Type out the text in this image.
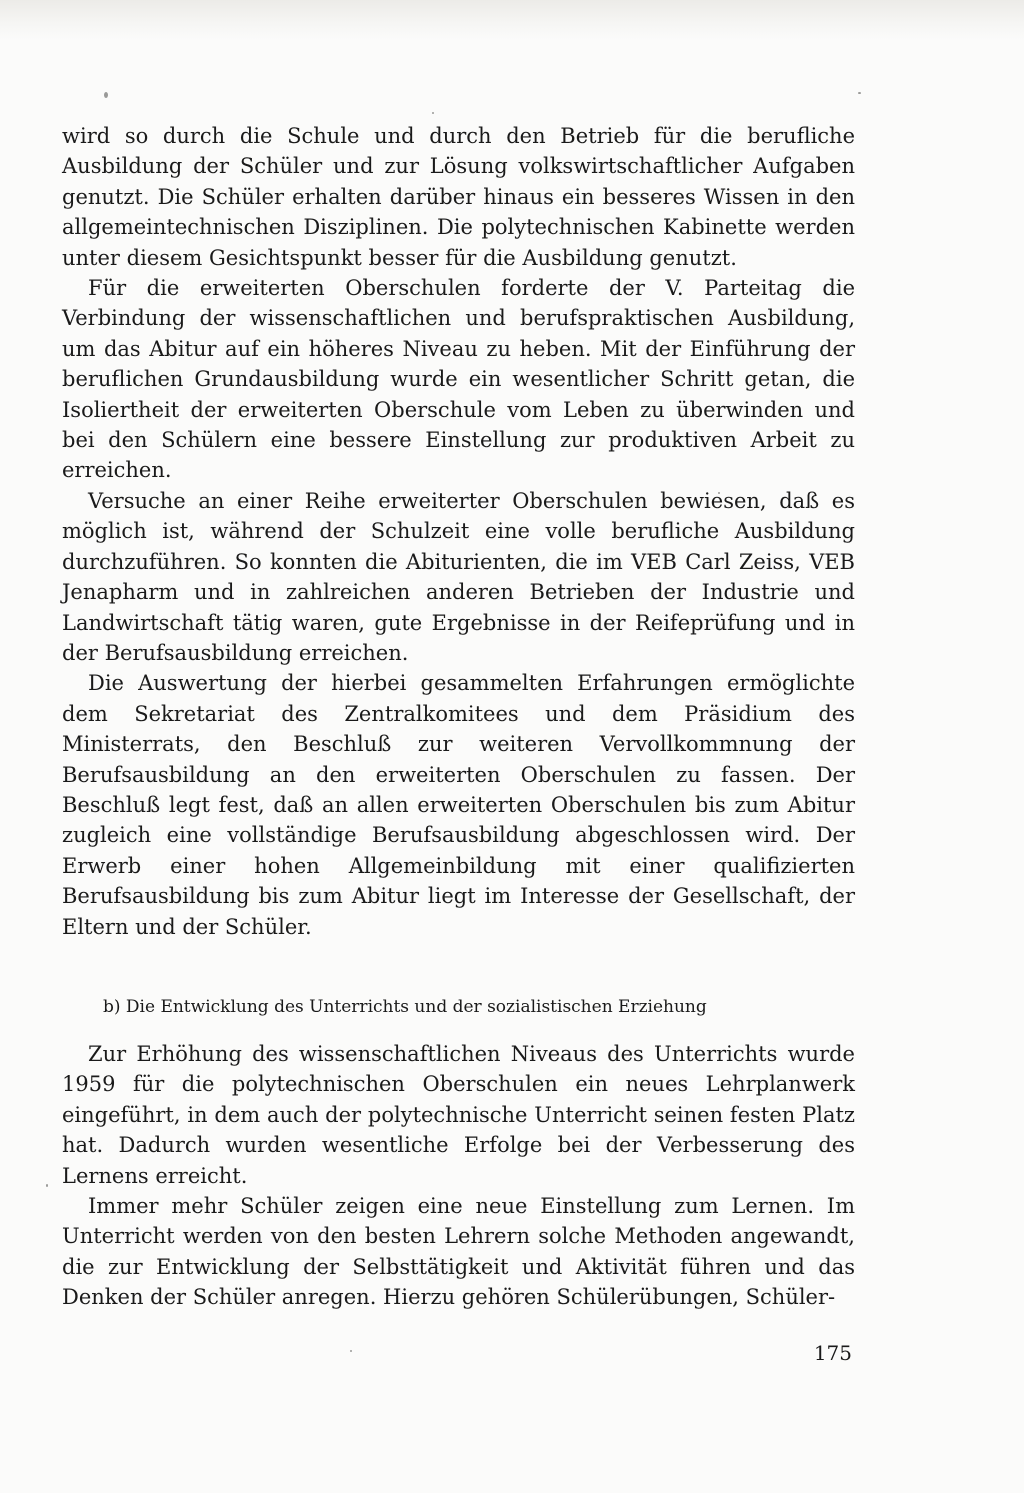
wird so durch die Schule und durch den Betrieb für die berufliche Ausbildung der Schüler und zur Lösung volkswirtschaftlicher Aufgaben genutzt. Die Schüler erhalten darüber hinaus ein besseres Wissen in den allgemeintechnischen Disziplinen. Die polytechnischen Kabinette werden unter diesem Gesichtspunkt besser für die Ausbildung genutzt.

Für die erweiterten Oberschulen forderte der V. Parteitag die Verbindung der wissenschaftlichen und berufspraktischen Ausbildung, um das Abitur auf ein höheres Niveau zu heben. Mit der Einführung der beruflichen Grundausbildung wurde ein wesentlicher Schritt getan, die Isoliertheit der erweiterten Oberschule vom Leben zu überwinden und bei den Schülern eine bessere Einstellung zur produktiven Arbeit zu erreichen.

Versuche an einer Reihe erweiterter Oberschulen bewiesen, daß es möglich ist, während der Schulzeit eine volle berufliche Ausbildung durchzuführen. So konnten die Abiturienten, die im VEB Carl Zeiss, VEB Jenapharm und in zahlreichen anderen Betrieben der Industrie und Landwirtschaft tätig waren, gute Ergebnisse in der Reifeprüfung und in der Berufsausbildung erreichen.

Die Auswertung der hierbei gesammelten Erfahrungen ermöglichte dem Sekretariat des Zentralkomitees und dem Präsidium des Ministerrats, den Beschluß zur weiteren Vervollkommnung der Berufsausbildung an den erweiterten Oberschulen zu fassen. Der Beschluß legt fest, daß an allen erweiterten Oberschulen bis zum Abitur zugleich eine vollständige Berufsausbildung abgeschlossen wird. Der Erwerb einer hohen Allgemeinbildung mit einer qualifizierten Berufsausbildung bis zum Abitur liegt im Interesse der Gesellschaft, der Eltern und der Schüler.

b) Die Entwicklung des Unterrichts und der sozialistischen Erziehung

Zur Erhöhung des wissenschaftlichen Niveaus des Unterrichts wurde 1959 für die polytechnischen Oberschulen ein neues Lehrplanwerk eingeführt, in dem auch der polytechnische Unterricht seinen festen Platz hat. Dadurch wurden wesentliche Erfolge bei der Verbesserung des Lernens erreicht.

Immer mehr Schüler zeigen eine neue Einstellung zum Lernen. Im Unterricht werden von den besten Lehrern solche Methoden angewandt, die zur Entwicklung der Selbsttätigkeit und Aktivität führen und das Denken der Schüler anregen. Hierzu gehören Schülerübungen, Schüler-

175
